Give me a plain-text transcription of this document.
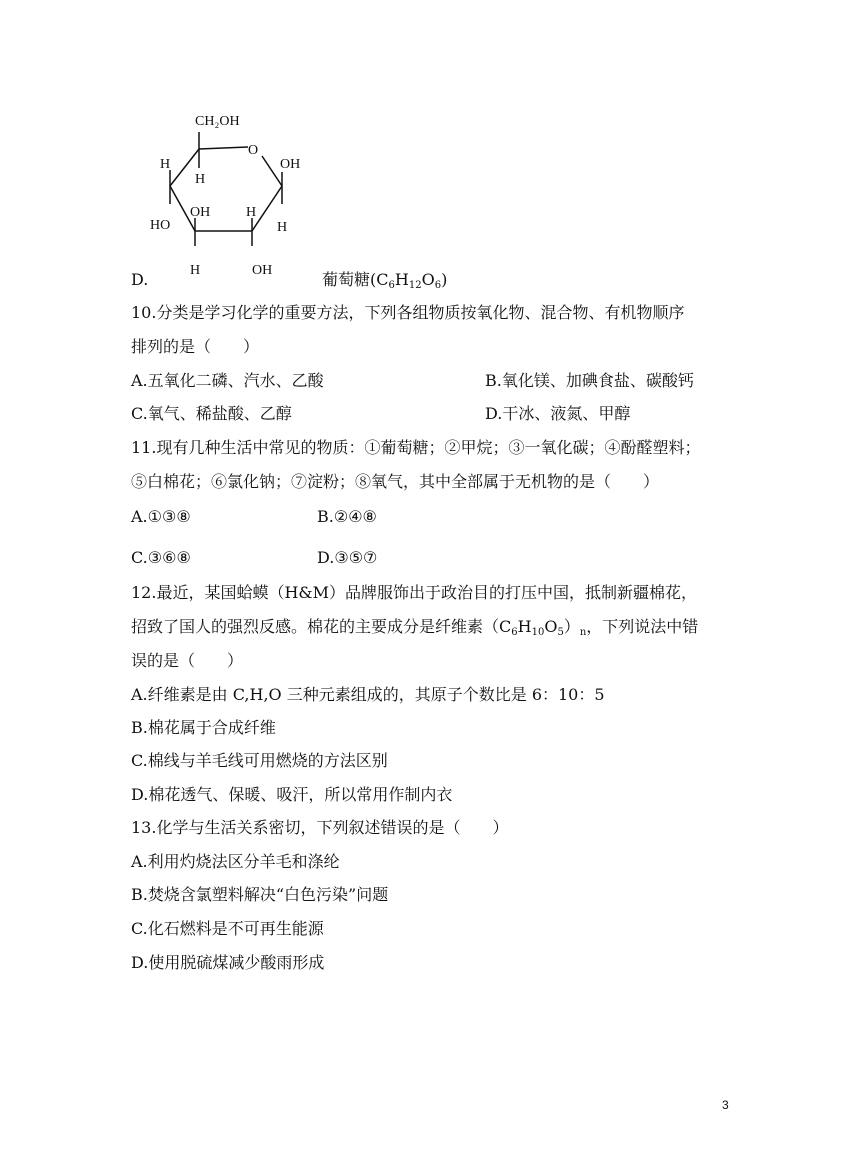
D.
CH₂OH
O
H
OH
H
H
HO
OH
H
H
OH	葡萄糖$(C_6H_{12}O_6)$
10.分类是学习化学的重要方法，下列各组物质按氧化物、混合物、有机物顺序
排列的是（　　）
A.五氧化二磷、汽水、乙酸	B.氧化镁、加碘食盐、碳酸钙
C.氧气、稀盐酸、乙醇	D.干冰、液氮、甲醇
11.现有几种生活中常见的物质：①葡萄糖；②甲烷；③一氧化碳；④酚醛塑料；
⑤白棉花；⑥氯化钠；⑦淀粉；⑧氧气，其中全部属于无机物的是（　　）
A.①③⑧	B.②④⑧
C.③⑥⑧	D.③⑤⑦
12.最近，某国蛤蟆（H&M）品牌服饰出于政治目的打压中国，抵制新疆棉花，
招致了国人的强烈反感。棉花的主要成分是纤维素$(C_6H_{10}O_5)_n$，下列说法中错
误的是（　　）
A.纤维素是由 C,H,O 三种元素组成的，其原子个数比是 6：10：5
B.棉花属于合成纤维
C.棉线与羊毛线可用燃烧的方法区别
D.棉花透气、保暖、吸汗，所以常用作制内衣
13.化学与生活关系密切，下列叙述错误的是（　　）
A.利用灼烧法区分羊毛和涤纶
B.焚烧含氯塑料解决“白色污染”问题
C.化石燃料是不可再生能源
D.使用脱硫煤减少酸雨形成
3
